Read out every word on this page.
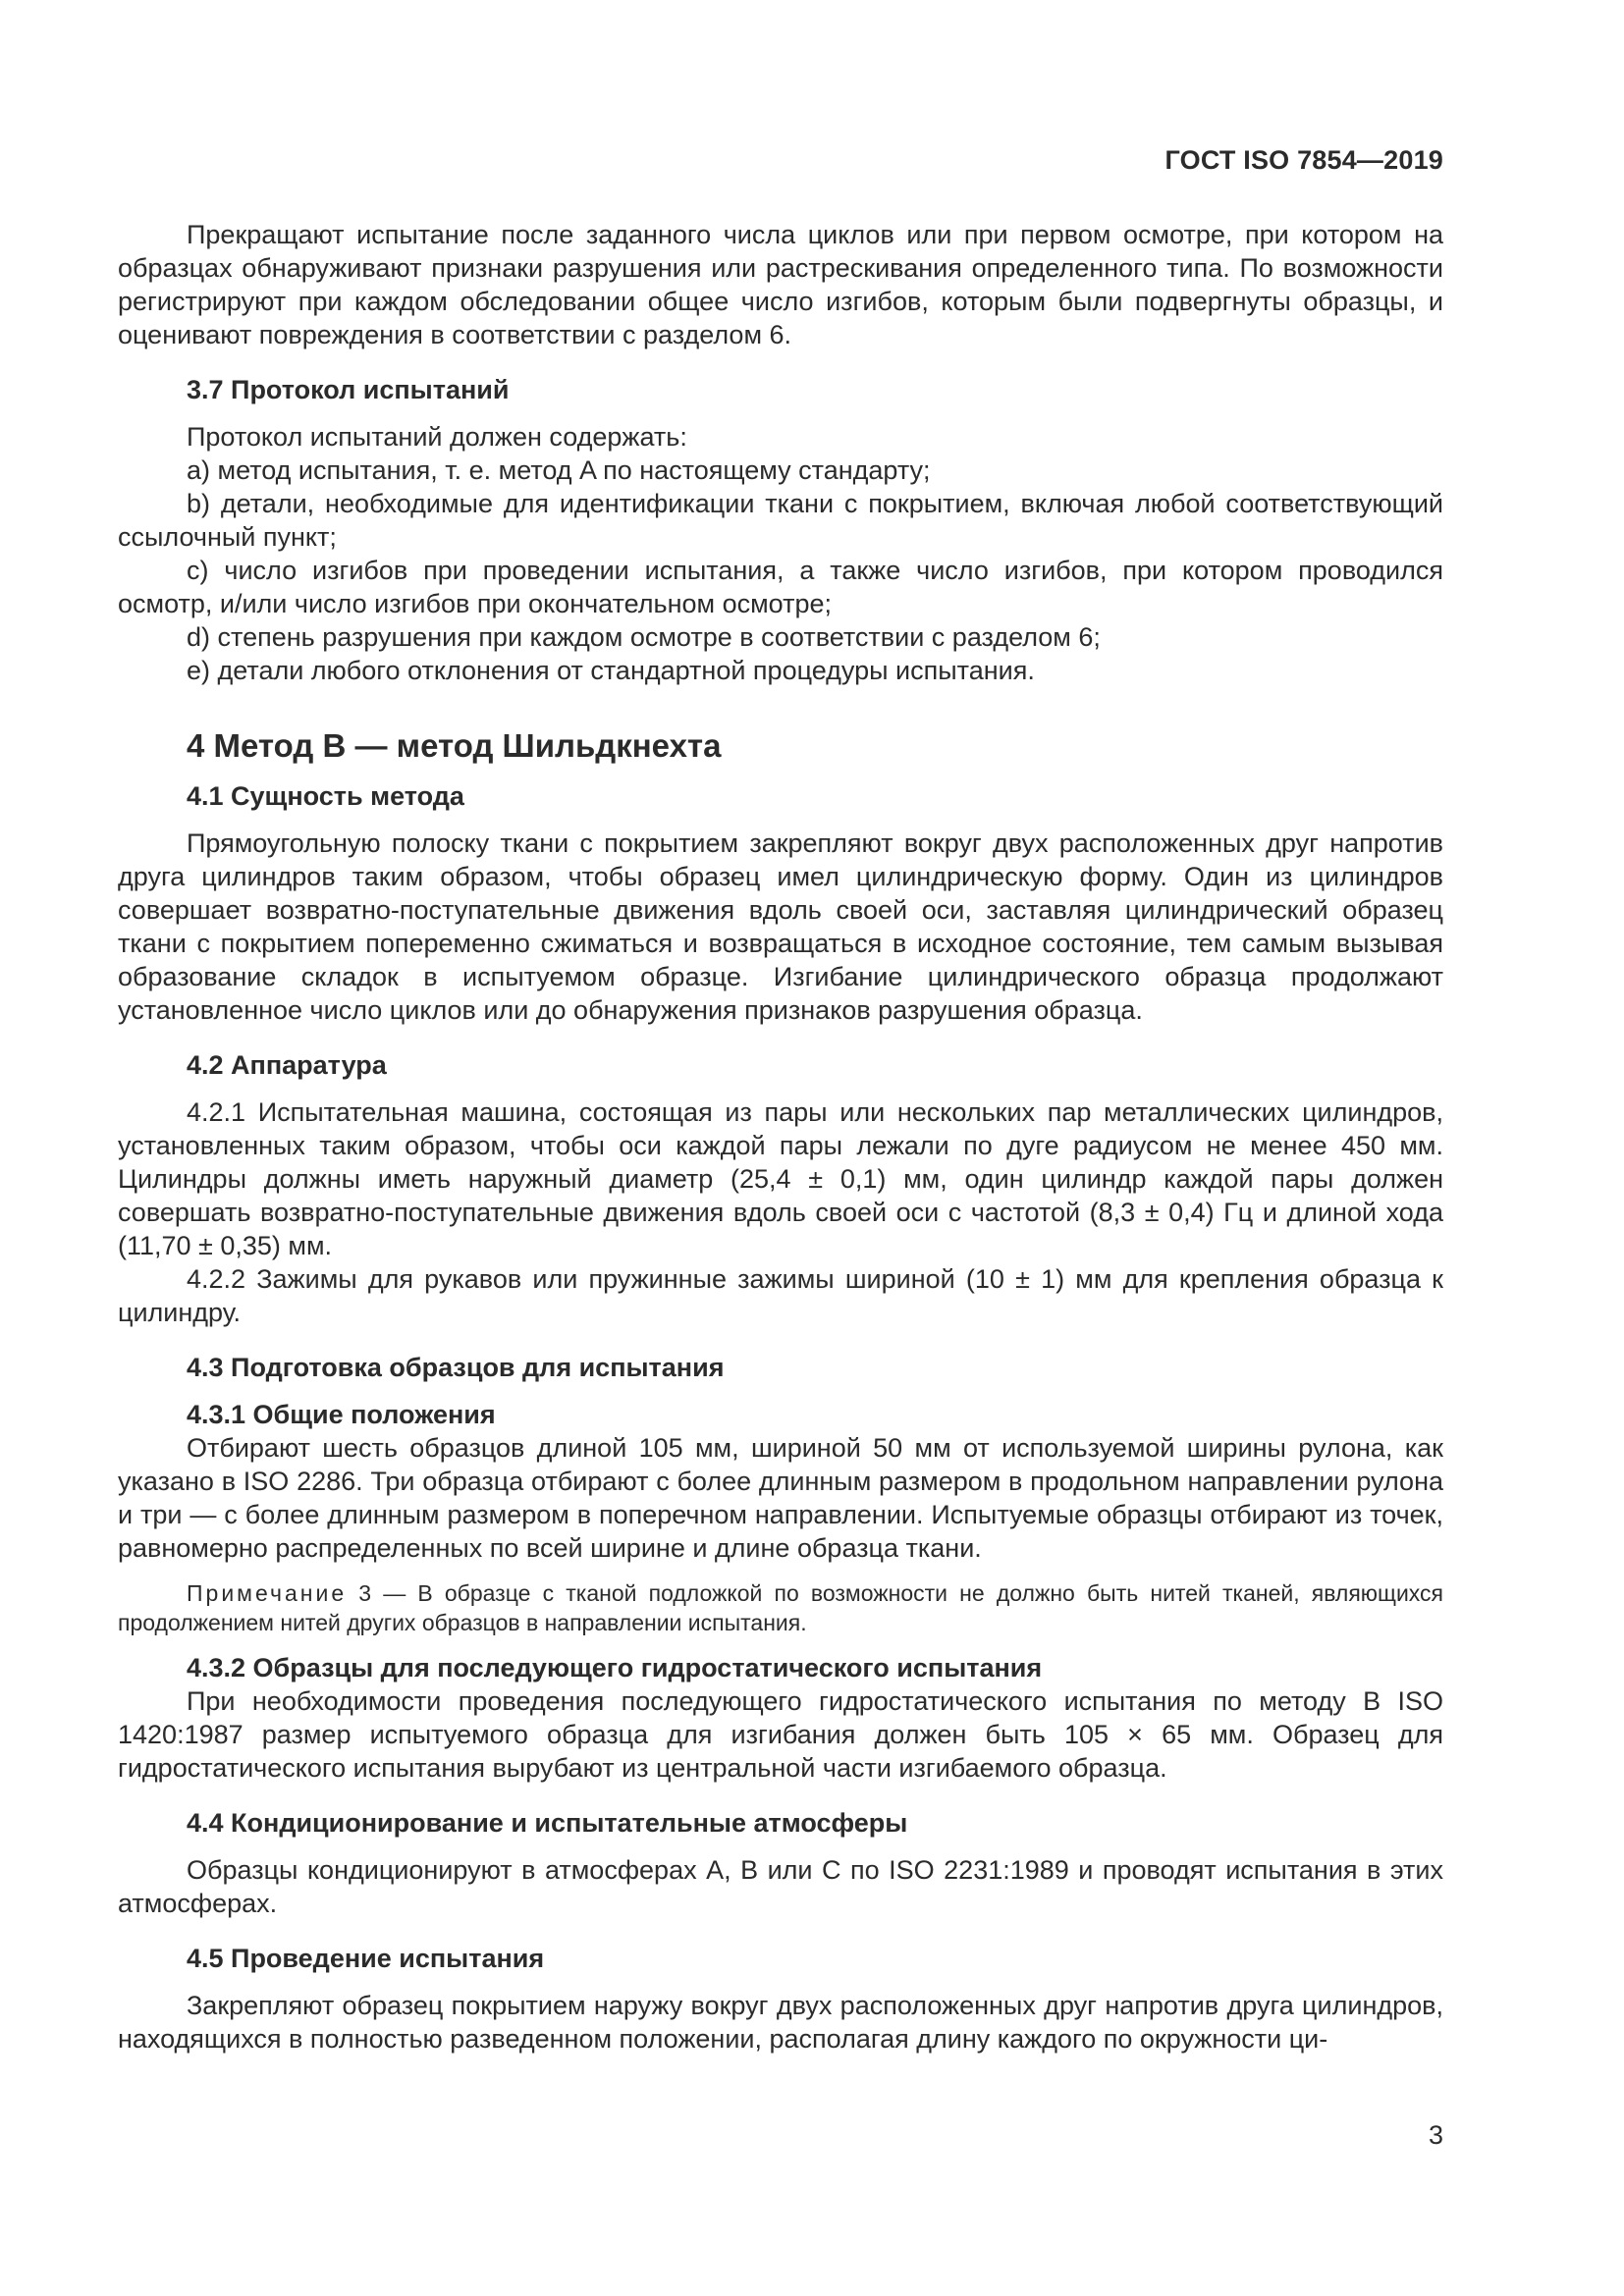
ГОСТ ISO 7854—2019

Прекращают испытание после заданного числа циклов или при первом осмотре, при котором на образцах обнаруживают признаки разрушения или растрескивания определенного типа. По возможности регистрируют при каждом обследовании общее число изгибов, которым были подвергнуты образцы, и оценивают повреждения в соответствии с разделом 6.

3.7 Протокол испытаний

Протокол испытаний должен содержать:

a) метод испытания, т. е. метод A по настоящему стандарту;

b) детали, необходимые для идентификации ткани с покрытием, включая любой соответствующий ссылочный пункт;

c) число изгибов при проведении испытания, а также число изгибов, при котором проводился осмотр, и/или число изгибов при окончательном осмотре;

d) степень разрушения при каждом осмотре в соответствии с разделом 6;

e) детали любого отклонения от стандартной процедуры испытания.

4 Метод B — метод Шильдкнехта
4.1 Сущность метода

Прямоугольную полоску ткани с покрытием закрепляют вокруг двух расположенных друг напротив друга цилиндров таким образом, чтобы образец имел цилиндрическую форму. Один из цилиндров совершает возвратно-поступательные движения вдоль своей оси, заставляя цилиндрический образец ткани с покрытием попеременно сжиматься и возвращаться в исходное состояние, тем самым вызывая образование складок в испытуемом образце. Изгибание цилиндрического образца продолжают установленное число циклов или до обнаружения признаков разрушения образца.

4.2 Аппаратура

4.2.1 Испытательная машина, состоящая из пары или нескольких пар металлических цилиндров, установленных таким образом, чтобы оси каждой пары лежали по дуге радиусом не менее 450 мм. Цилиндры должны иметь наружный диаметр (25,4 ± 0,1) мм, один цилиндр каждой пары должен совершать возвратно-поступательные движения вдоль своей оси с частотой (8,3 ± 0,4) Гц и длиной хода (11,70 ± 0,35) мм.

4.2.2 Зажимы для рукавов или пружинные зажимы шириной (10 ± 1) мм для крепления образца к цилиндру.

4.3 Подготовка образцов для испытания
4.3.1 Общие положения

Отбирают шесть образцов длиной 105 мм, шириной 50 мм от используемой ширины рулона, как указано в ISO 2286. Три образца отбирают с более длинным размером в продольном направлении рулона и три — с более длинным размером в поперечном направлении. Испытуемые образцы отбирают из точек, равномерно распределенных по всей ширине и длине образца ткани.

Примечание 3 — В образце с тканой подложкой по возможности не должно быть нитей тканей, являющихся продолжением нитей других образцов в направлении испытания.

4.3.2 Образцы для последующего гидростатического испытания

При необходимости проведения последующего гидростатического испытания по методу B ISO 1420:1987 размер испытуемого образца для изгибания должен быть 105 × 65 мм. Образец для гидростатического испытания вырубают из центральной части изгибаемого образца.

4.4 Кондиционирование и испытательные атмосферы

Образцы кондиционируют в атмосферах A, B или C по ISO 2231:1989 и проводят испытания в этих атмосферах.

4.5 Проведение испытания

Закрепляют образец покрытием наружу вокруг двух расположенных друг напротив друга цилиндров, находящихся в полностью разведенном положении, располагая длину каждого по окружности ци-

3
